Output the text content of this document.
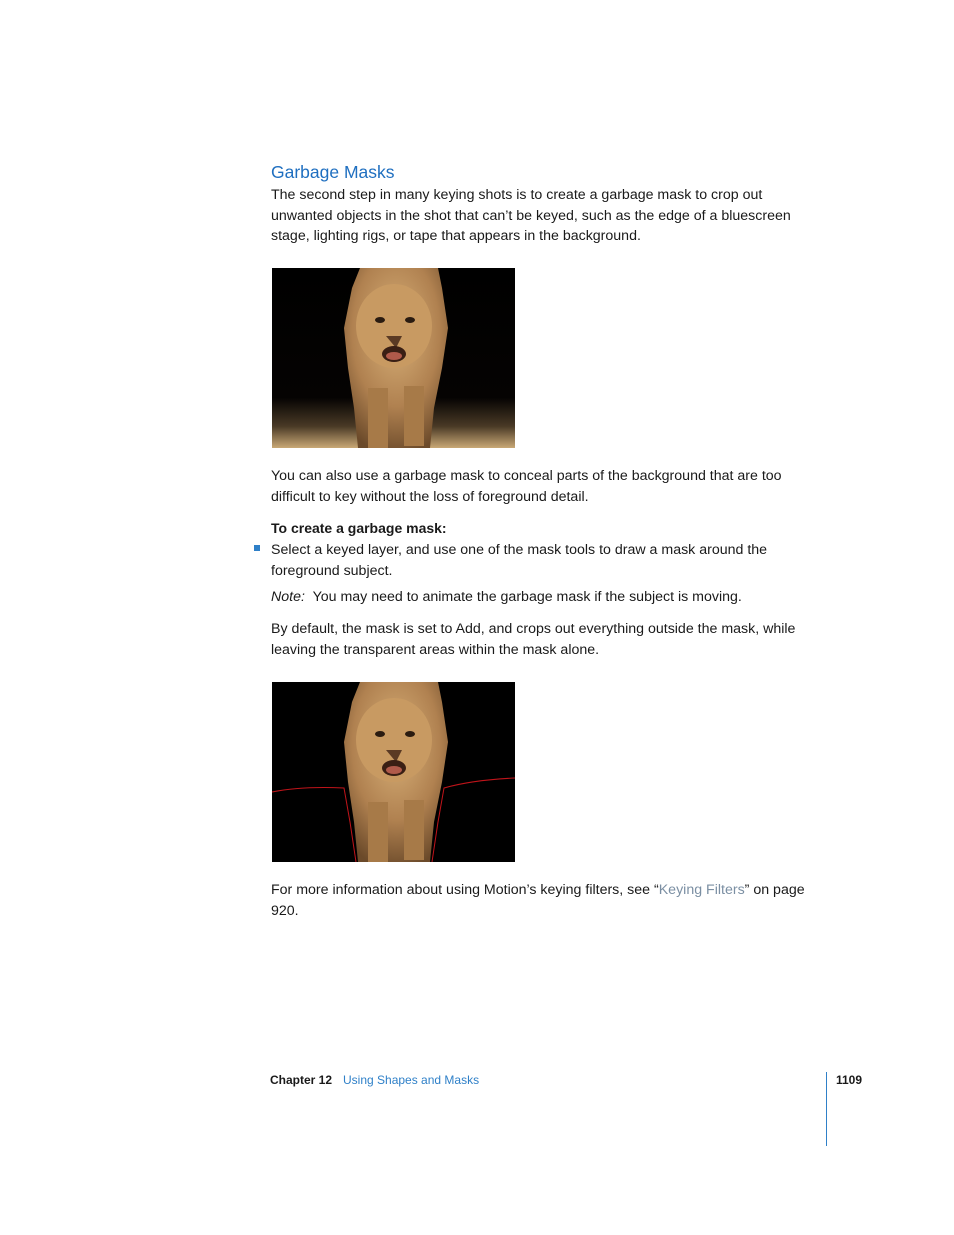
Garbage Masks

The second step in many keying shots is to create a garbage mask to crop out unwanted objects in the shot that can’t be keyed, such as the edge of a bluescreen stage, lighting rigs, or tape that appears in the background.

You can also use a garbage mask to conceal parts of the background that are too difficult to key without the loss of foreground detail.

To create a garbage mask:

Select a keyed layer, and use one of the mask tools to draw a mask around the foreground subject.

Note: You may need to animate the garbage mask if the subject is moving.

By default, the mask is set to Add, and crops out everything outside the mask, while leaving the transparent areas within the mask alone.

For more information about using Motion’s keying filters, see “Keying Filters” on page 920.

Chapter 12 Using Shapes and Masks	1109
